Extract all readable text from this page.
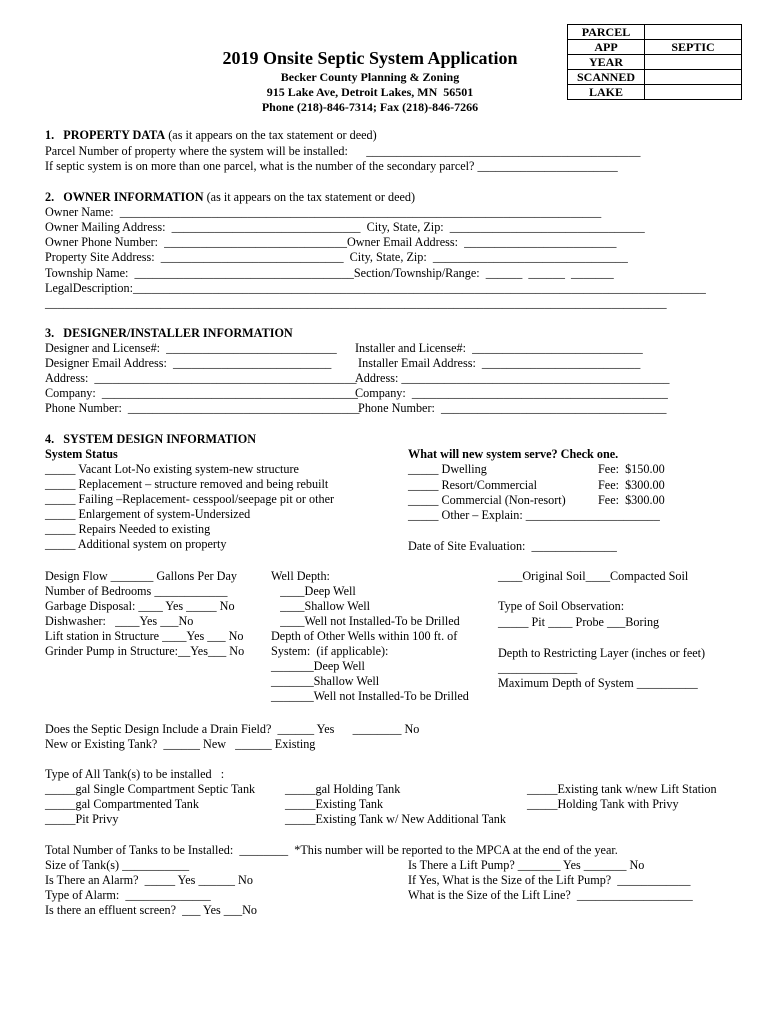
PARCEL	
APP	SEPTIC
YEAR	
SCANNED	
LAKE	
2019 Onsite Septic System Application
Becker County Planning & Zoning
915 Lake Ave, Detroit Lakes, MN  56501
Phone (218)-846-7314; Fax (218)-846-7266
1.   PROPERTY DATA (as it appears on the tax statement or deed)
Parcel Number of property where the system will be installed:      _____________________________________________
If septic system is on more than one parcel, what is the number of the secondary parcel? _______________________
2.   OWNER INFORMATION (as it appears on the tax statement or deed)
Owner Name:  _______________________________________________________________________________
Owner Mailing Address:  _______________________________  City, State, Zip:  ________________________________
Owner Phone Number:  ______________________________Owner Email Address:  _________________________
Property Site Address:  ______________________________  City, State, Zip:  ________________________________
Township Name:  ____________________________________Section/Township/Range:  ______  ______  _______
LegalDescription:______________________________________________________________________________________________
______________________________________________________________________________________________________
3.   DESIGNER/INSTALLER INFORMATION
Designer and License#:  ____________________________
Designer Email Address:  __________________________
Address:  ___________________________________________
Company:  __________________________________________
Phone Number:  ______________________________________
Installer and License#:  ____________________________
Installer Email Address:  __________________________
Address: ____________________________________________
Company:  __________________________________________
Phone Number:  _____________________________________
4.   SYSTEM DESIGN INFORMATION
System Status
_____ Vacant Lot-No existing system-new structure
_____ Replacement – structure removed and being rebuilt
_____ Failing –Replacement- cesspool/seepage pit or other
_____ Enlargement of system-Undersized
_____ Repairs Needed to existing
_____ Additional system on property
What will new system serve? Check one.
_____ Dwelling	Fee:  $150.00
_____ Resort/Commercial	Fee:  $300.00
_____ Commercial (Non-resort)	Fee:  $300.00
_____ Other – Explain: ______________________
Date of Site Evaluation:  ______________
Design Flow _______ Gallons Per Day
Number of Bedrooms ____________
Garbage Disposal: ____ Yes _____ No
Dishwasher:   ____Yes ___No
Lift station in Structure ____Yes ___ No
Grinder Pump in Structure:__Yes___ No
Well Depth:
____Deep Well
____Shallow Well
____Well not Installed-To be Drilled
Depth of Other Wells within 100 ft. of
System:  (if applicable):
_______Deep Well
_______Shallow Well
_______Well not Installed-To be Drilled
____Original Soil____Compacted Soil
Type of Soil Observation:
_____ Pit ____ Probe ___Boring
Depth to Restricting Layer (inches or feet)
_____________
Maximum Depth of System __________
Does the Septic Design Include a Drain Field?  ______ Yes      ________ No
New or Existing Tank?  ______ New   ______ Existing
Type of All Tank(s) to be installed   :
_____gal Single Compartment Septic Tank
_____gal Compartmented Tank
_____Pit Privy
_____gal Holding Tank
_____Existing Tank
_____Existing Tank w/ New Additional Tank
_____Existing tank w/new Lift Station
_____Holding Tank with Privy
Total Number of Tanks to be Installed:  ________  *This number will be reported to the MPCA at the end of the year.
Size of Tank(s) ___________
Is There an Alarm?  _____ Yes ______ No
Type of Alarm:  ______________
Is there an effluent screen?  ___ Yes ___No
Is There a Lift Pump? _______ Yes _______ No
If Yes, What is the Size of the Lift Pump?  ____________
What is the Size of the Lift Line?  ___________________
